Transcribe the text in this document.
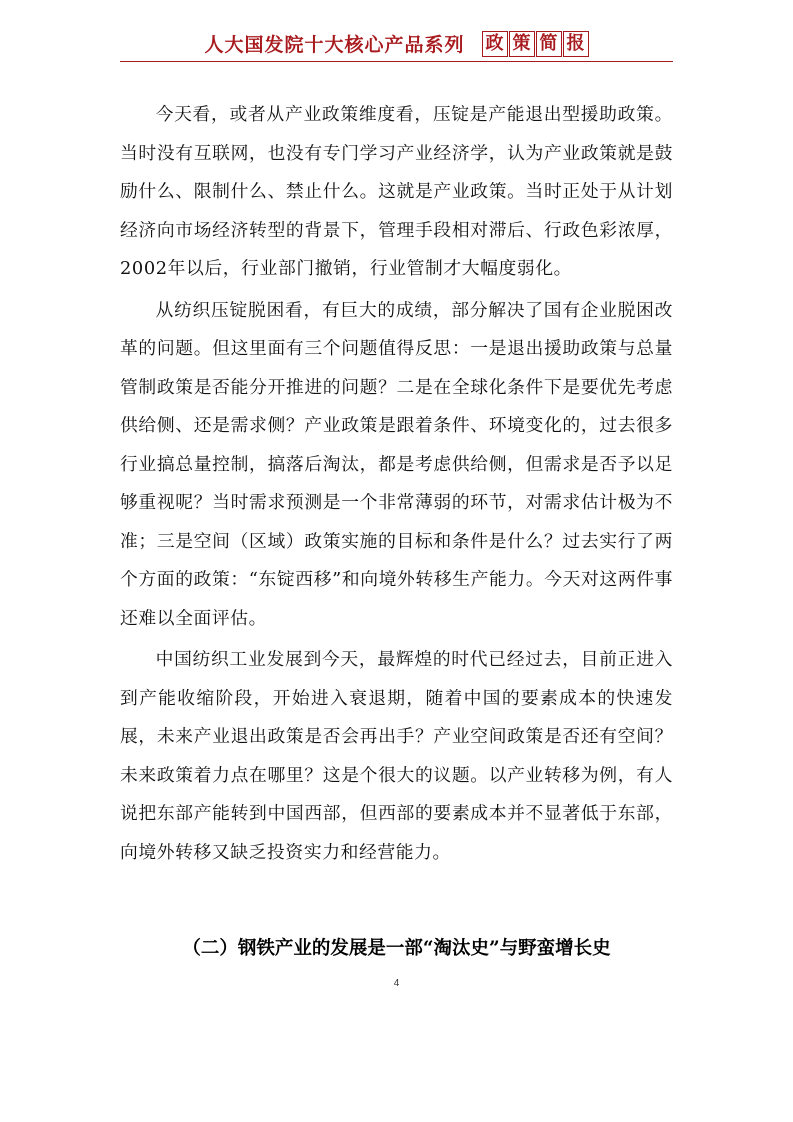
人大国发院十大核心产品系列 政 策 简 报

今天看，或者从产业政策维度看，压锭是产能退出型援助政策。当时没有互联网，也没有专门学习产业经济学，认为产业政策就是鼓励什么、限制什么、禁止什么。这就是产业政策。当时正处于从计划经济向市场经济转型的背景下，管理手段相对滞后、行政色彩浓厚，2002年以后，行业部门撤销，行业管制才大幅度弱化。

从纺织压锭脱困看，有巨大的成绩，部分解决了国有企业脱困改革的问题。但这里面有三个问题值得反思：一是退出援助政策与总量管制政策是否能分开推进的问题？二是在全球化条件下是要优先考虑供给侧、还是需求侧？产业政策是跟着条件、环境变化的，过去很多行业搞总量控制，搞落后淘汰，都是考虑供给侧，但需求是否予以足够重视呢？当时需求预测是一个非常薄弱的环节，对需求估计极为不准；三是空间（区域）政策实施的目标和条件是什么？过去实行了两个方面的政策：“东锭西移”和向境外转移生产能力。今天对这两件事还难以全面评估。

中国纺织工业发展到今天，最辉煌的时代已经过去，目前正进入到产能收缩阶段，开始进入衰退期，随着中国的要素成本的快速发展，未来产业退出政策是否会再出手？产业空间政策是否还有空间？未来政策着力点在哪里？这是个很大的议题。以产业转移为例，有人说把东部产能转到中国西部，但西部的要素成本并不显著低于东部，向境外转移又缺乏投资实力和经营能力。

（二）钢铁产业的发展是一部“淘汰史”与野蛮增长史
4
